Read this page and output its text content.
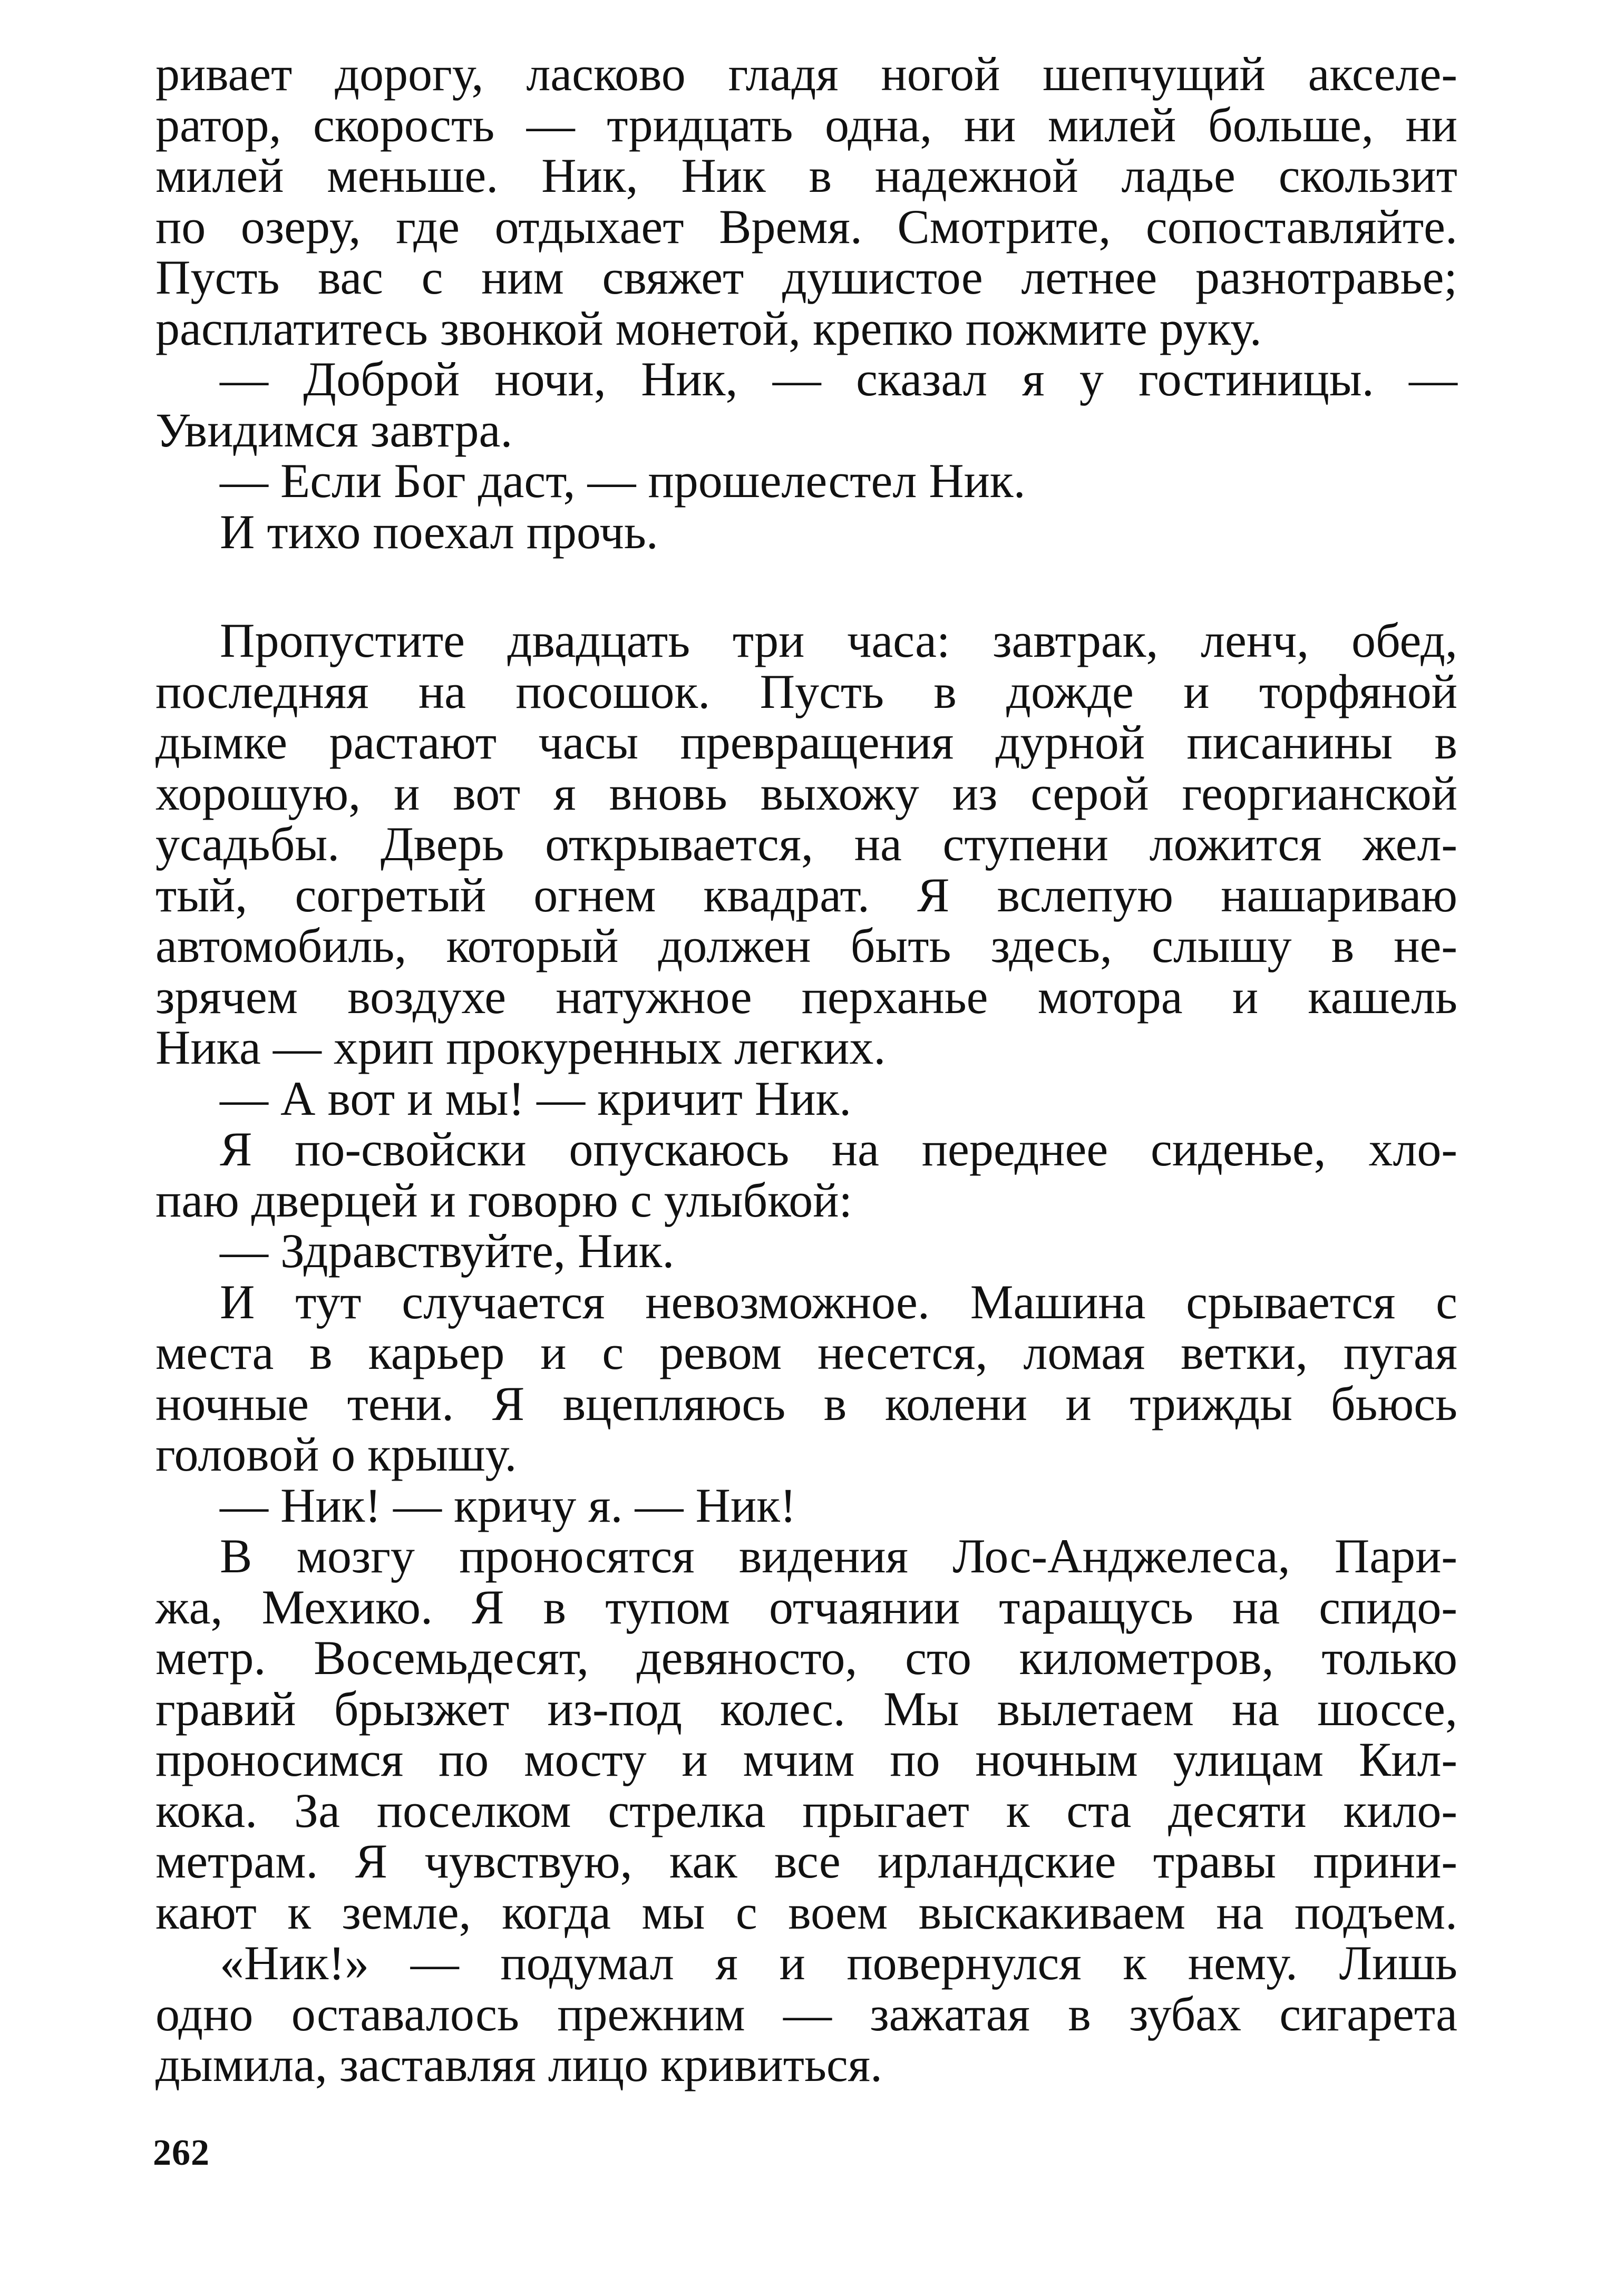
ривает дорогу, ласково гладя ногой шепчущий акселе-
ратор, скорость — тридцать одна, ни милей больше, ни
милей меньше. Ник, Ник в надежной ладье скользит
по озеру, где отдыхает Время. Смотрите, сопоставляйте.
Пусть вас с ним свяжет душистое летнее разнотравье;
расплатитесь звонкой монетой, крепко пожмите руку.
— Доброй ночи, Ник, — сказал я у гостиницы. —
Увидимся завтра.
— Если Бог даст, — прошелестел Ник.
И тихо поехал прочь.
Пропустите двадцать три часа: завтрак, ленч, обед,
последняя на посошок. Пусть в дожде и торфяной
дымке растают часы превращения дурной писанины в
хорошую, и вот я вновь выхожу из серой георгианской
усадьбы. Дверь открывается, на ступени ложится жел-
тый, согретый огнем квадрат. Я вслепую нашариваю
автомобиль, который должен быть здесь, слышу в не-
зрячем воздухе натужное перханье мотора и кашель
Ника — хрип прокуренных легких.
— А вот и мы! — кричит Ник.
Я по-свойски опускаюсь на переднее сиденье, хло-
паю дверцей и говорю с улыбкой:
— Здравствуйте, Ник.
И тут случается невозможное. Машина срывается с
места в карьер и с ревом несется, ломая ветки, пугая
ночные тени. Я вцепляюсь в колени и трижды бьюсь
головой о крышу.
— Ник! — кричу я. — Ник!
В мозгу проносятся видения Лос-Анджелеса, Пари-
жа, Мехико. Я в тупом отчаянии таращусь на спидо-
метр. Восемьдесят, девяносто, сто километров, только
гравий брызжет из-под колес. Мы вылетаем на шоссе,
проносимся по мосту и мчим по ночным улицам Кил-
кока. За поселком стрелка прыгает к ста десяти кило-
метрам. Я чувствую, как все ирландские травы прини-
кают к земле, когда мы с воем выскакиваем на подъем.
«Ник!» — подумал я и повернулся к нему. Лишь
одно оставалось прежним — зажатая в зубах сигарета
дымила, заставляя лицо кривиться.
262
